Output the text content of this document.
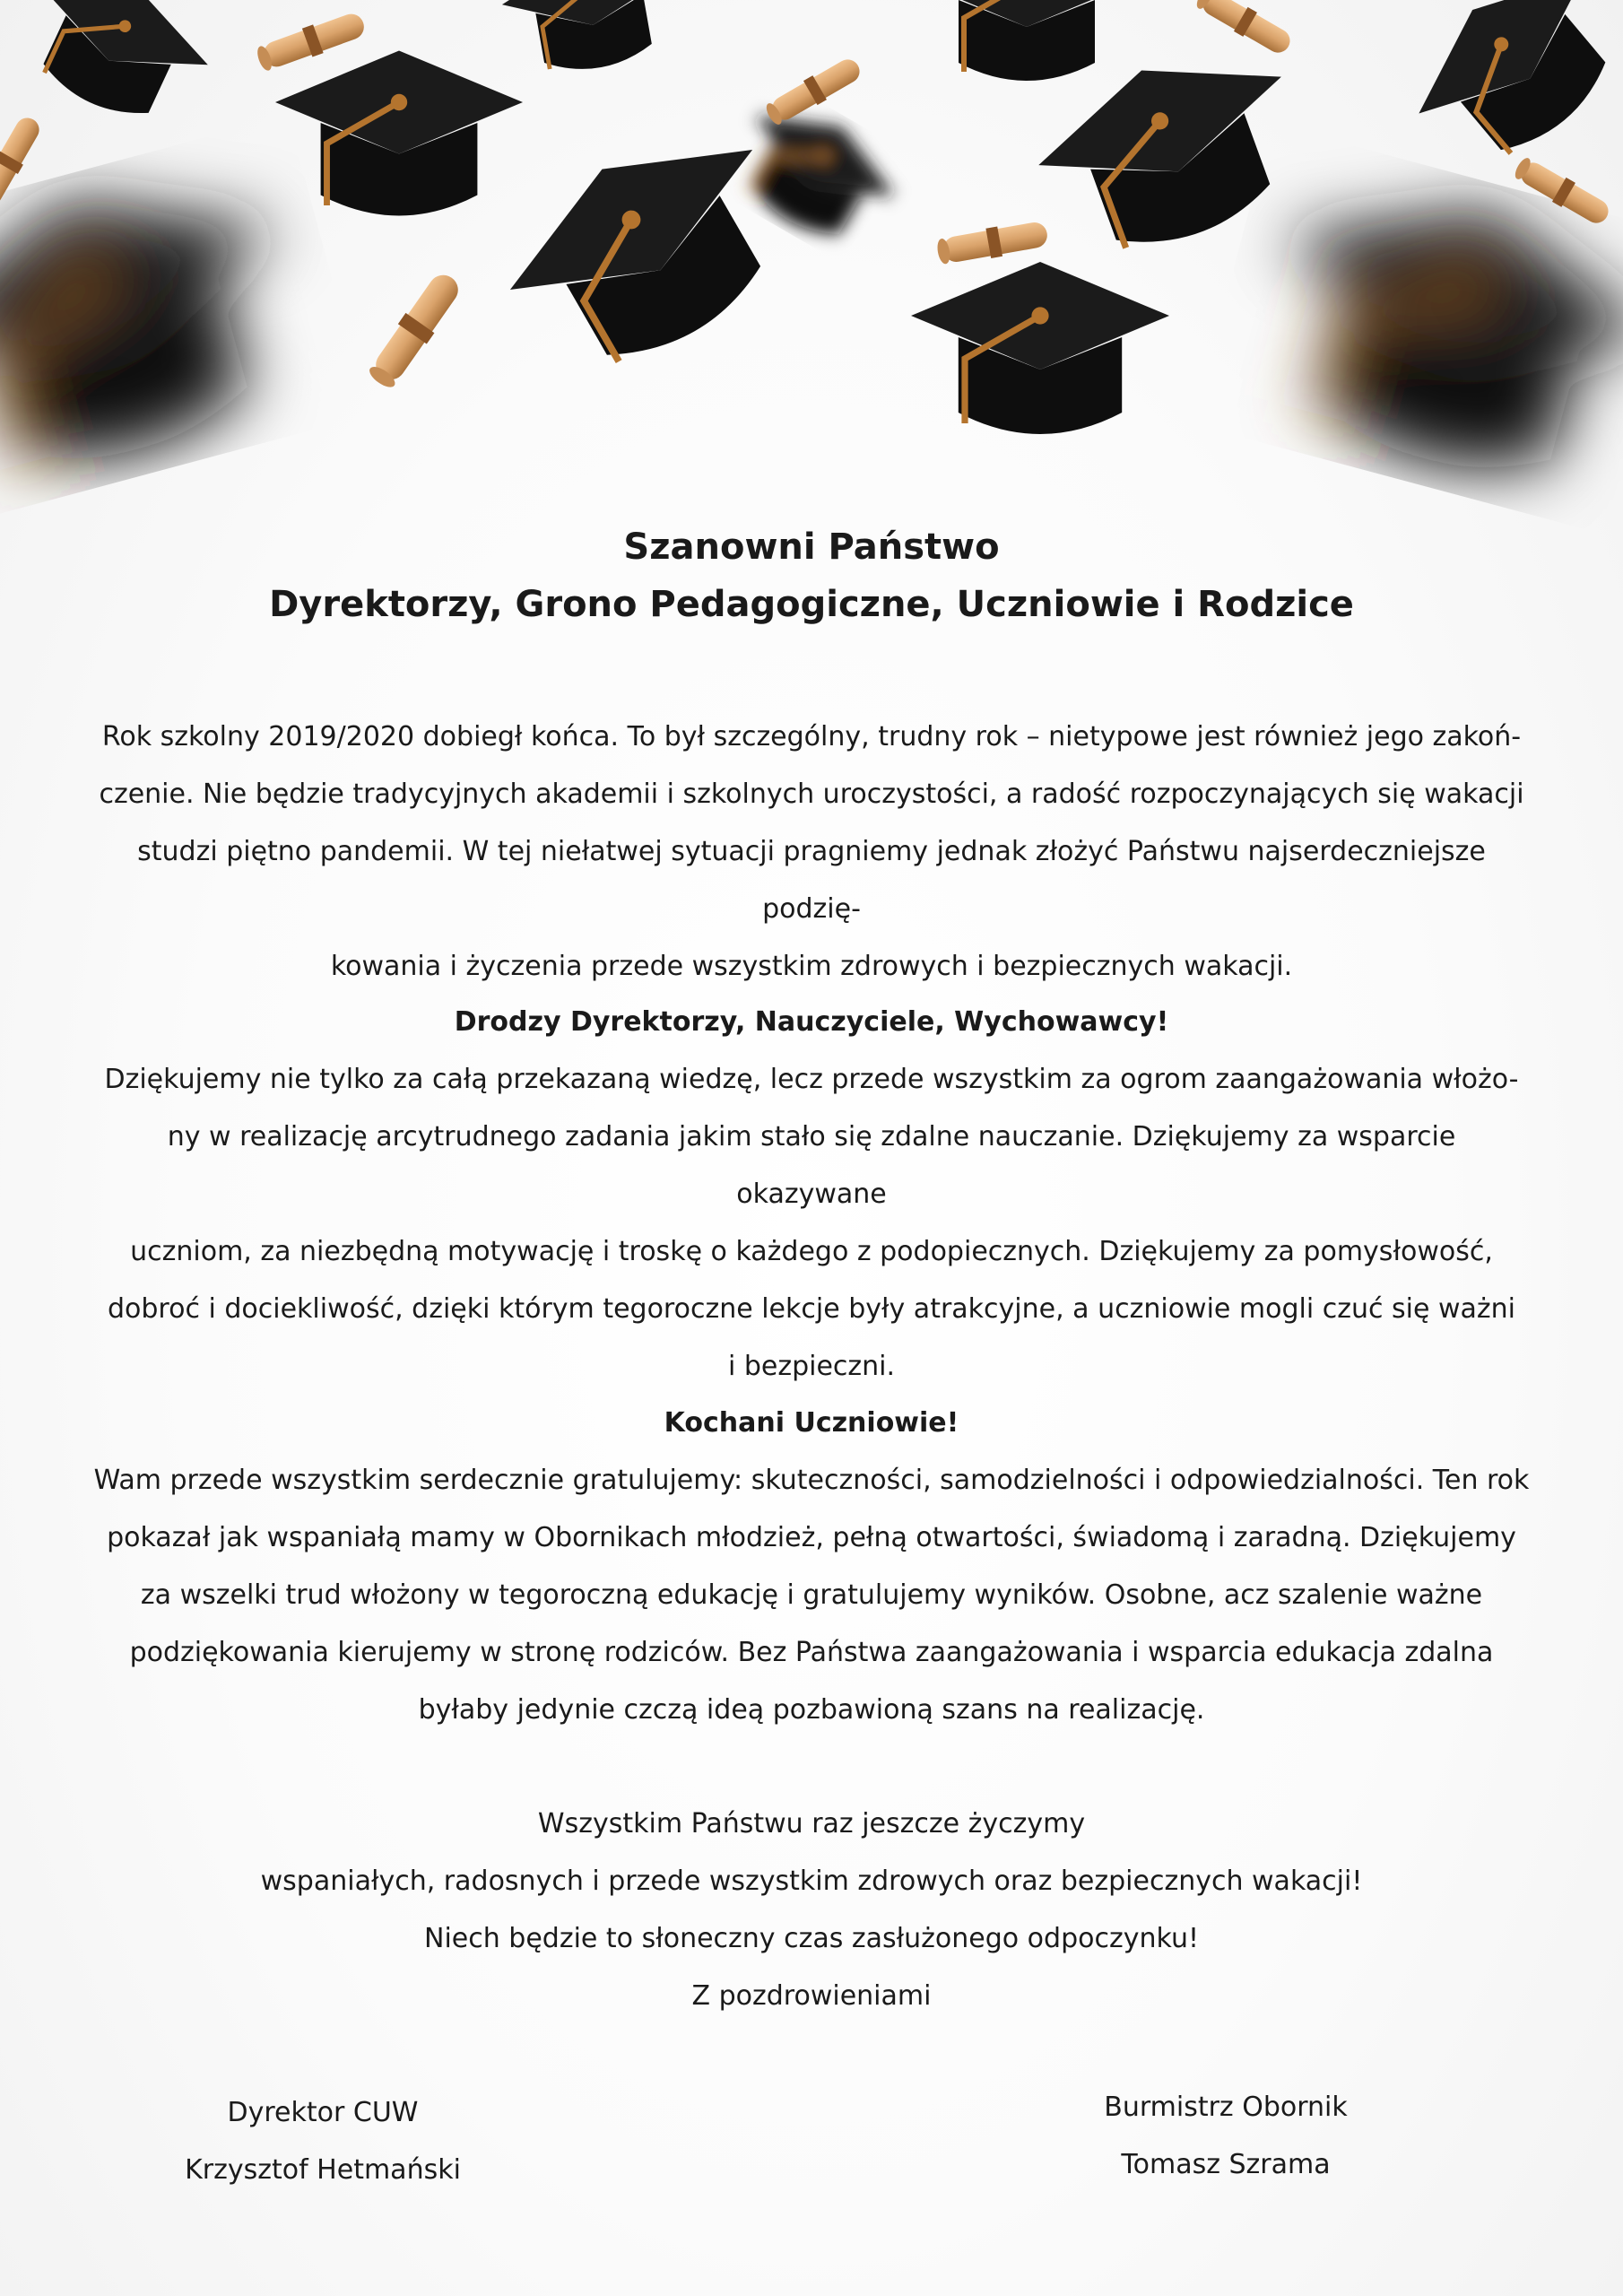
Szanowni Państwo
Dyrektorzy, Grono Pedagogiczne, Uczniowie i Rodzice

Rok szkolny 2019/2020 dobiegł końca. To był szczególny, trudny rok – nietypowe jest również jego zakoń-

czenie. Nie będzie tradycyjnych akademii i szkolnych uroczystości, a radość rozpoczynających się wakacji

studzi piętno pandemii. W tej niełatwej sytuacji pragniemy jednak złożyć Państwu najserdeczniejsze podzię-

kowania i życzenia przede wszystkim zdrowych i bezpiecznych wakacji.

Drodzy Dyrektorzy, Nauczyciele, Wychowawcy!

Dziękujemy nie tylko za całą przekazaną wiedzę, lecz przede wszystkim za ogrom zaangażowania włożo-

ny w realizację arcytrudnego zadania jakim stało się zdalne nauczanie. Dziękujemy za wsparcie okazywane

uczniom, za niezbędną motywację i troskę o każdego z podopiecznych. Dziękujemy za pomysłowość,

dobroć i dociekliwość, dzięki którym tegoroczne lekcje były atrakcyjne, a uczniowie mogli czuć się ważni

i bezpieczni.

Kochani Uczniowie!

Wam przede wszystkim serdecznie gratulujemy: skuteczności, samodzielności i odpowiedzialności. Ten rok

pokazał jak wspaniałą mamy w Obornikach młodzież, pełną otwartości, świadomą i zaradną. Dziękujemy

za wszelki trud włożony w tegoroczną edukację i gratulujemy wyników. Osobne, acz szalenie ważne

podziękowania kierujemy w stronę rodziców. Bez Państwa zaangażowania i wsparcia edukacja zdalna

byłaby jedynie czczą ideą pozbawioną szans na realizację.

Wszystkim Państwu raz jeszcze życzymy
wspaniałych, radosnych i przede wszystkim zdrowych oraz bezpiecznych wakacji!
Niech będzie to słoneczny czas zasłużonego odpoczynku!
Z pozdrowieniami
Dyrektor CUW
Krzysztof Hetmański
Burmistrz Obornik
Tomasz Szrama
